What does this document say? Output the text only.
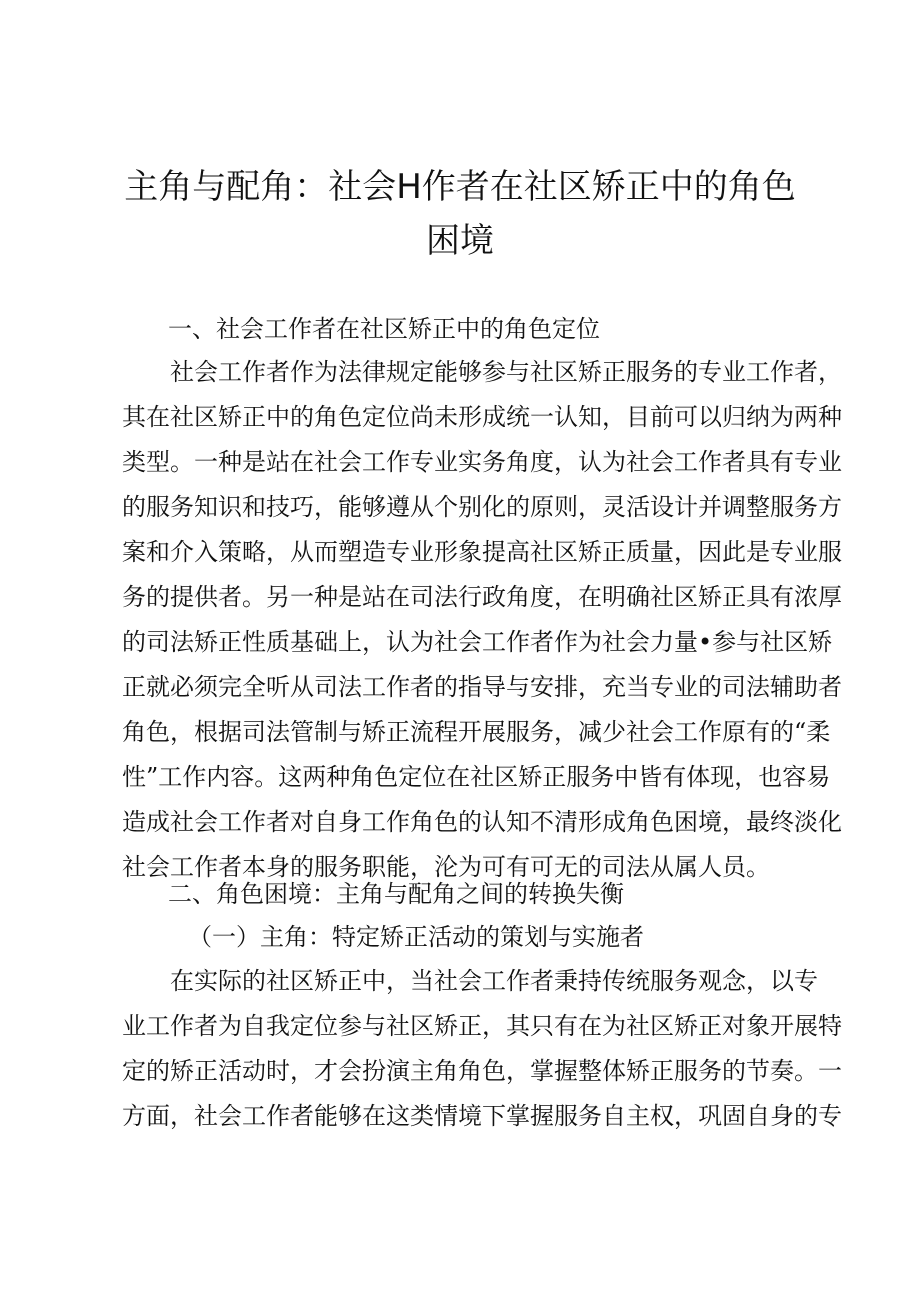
主角与配角：社会H作者在社区矫正中的角色
困境
一、社会工作者在社区矫正中的角色定位
社会工作者作为法律规定能够参与社区矫正服务的专业工作者，
其在社区矫正中的角色定位尚未形成统一认知，目前可以归纳为两种
类型。一种是站在社会工作专业实务角度，认为社会工作者具有专业
的服务知识和技巧，能够遵从个别化的原则，灵活设计并调整服务方
案和介入策略，从而塑造专业形象提高社区矫正质量，因此是专业服
务的提供者。另一种是站在司法行政角度，在明确社区矫正具有浓厚
的司法矫正性质基础上，认为社会工作者作为社会力量•参与社区矫
正就必须完全听从司法工作者的指导与安排，充当专业的司法辅助者
角色，根据司法管制与矫正流程开展服务，减少社会工作原有的“柔
性”工作内容。这两种角色定位在社区矫正服务中皆有体现，也容易
造成社会工作者对自身工作角色的认知不清形成角色困境，最终淡化
社会工作者本身的服务职能，沦为可有可无的司法从属人员。
二、角色困境：主角与配角之间的转换失衡
（一）主角：特定矫正活动的策划与实施者
在实际的社区矫正中，当社会工作者秉持传统服务观念，以专
业工作者为自我定位参与社区矫正，其只有在为社区矫正对象开展特
定的矫正活动时，才会扮演主角角色，掌握整体矫正服务的节奏。一
方面，社会工作者能够在这类情境下掌握服务自主权，巩固自身的专
